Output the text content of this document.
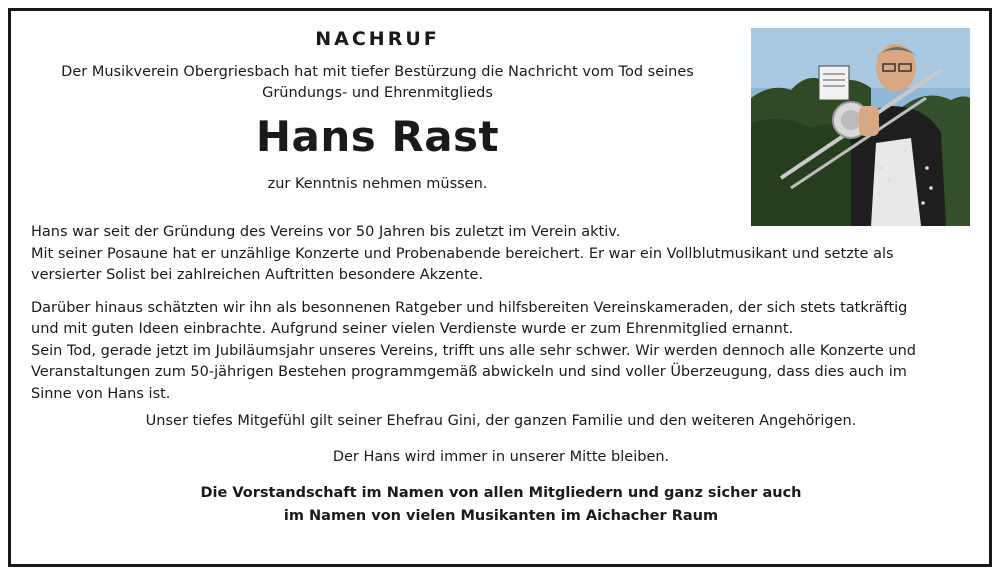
NACHRUF

Der Musikverein Obergriesbach hat mit tiefer Bestürzung die Nachricht vom Tod seines
Gründungs- und Ehrenmitglieds

Hans Rast

zur Kenntnis nehmen müssen.

Hans war seit der Gründung des Vereins vor 50 Jahren bis zuletzt im Verein aktiv.
Mit seiner Posaune hat er unzählige Konzerte und Probenabende bereichert. Er war ein Vollblutmusikant und setzte als
versierter Solist bei zahlreichen Auftritten besondere Akzente.

Darüber hinaus schätzten wir ihn als besonnenen Ratgeber und hilfsbereiten Vereinskameraden, der sich stets tatkräftig
und mit guten Ideen einbrachte. Aufgrund seiner vielen Verdienste wurde er zum Ehrenmitglied ernannt.
Sein Tod, gerade jetzt im Jubiläumsjahr unseres Vereins, trifft uns alle sehr schwer. Wir werden dennoch alle Konzerte und
Veranstaltungen zum 50-jährigen Bestehen programmgemäß abwickeln und sind voller Überzeugung, dass dies auch im
Sinne von Hans ist.

Unser tiefes Mitgefühl gilt seiner Ehefrau Gini, der ganzen Familie und den weiteren Angehörigen.

Der Hans wird immer in unserer Mitte bleiben.

Die Vorstandschaft im Namen von allen Mitgliedern und ganz sicher auch
im Namen von vielen Musikanten im Aichacher Raum
